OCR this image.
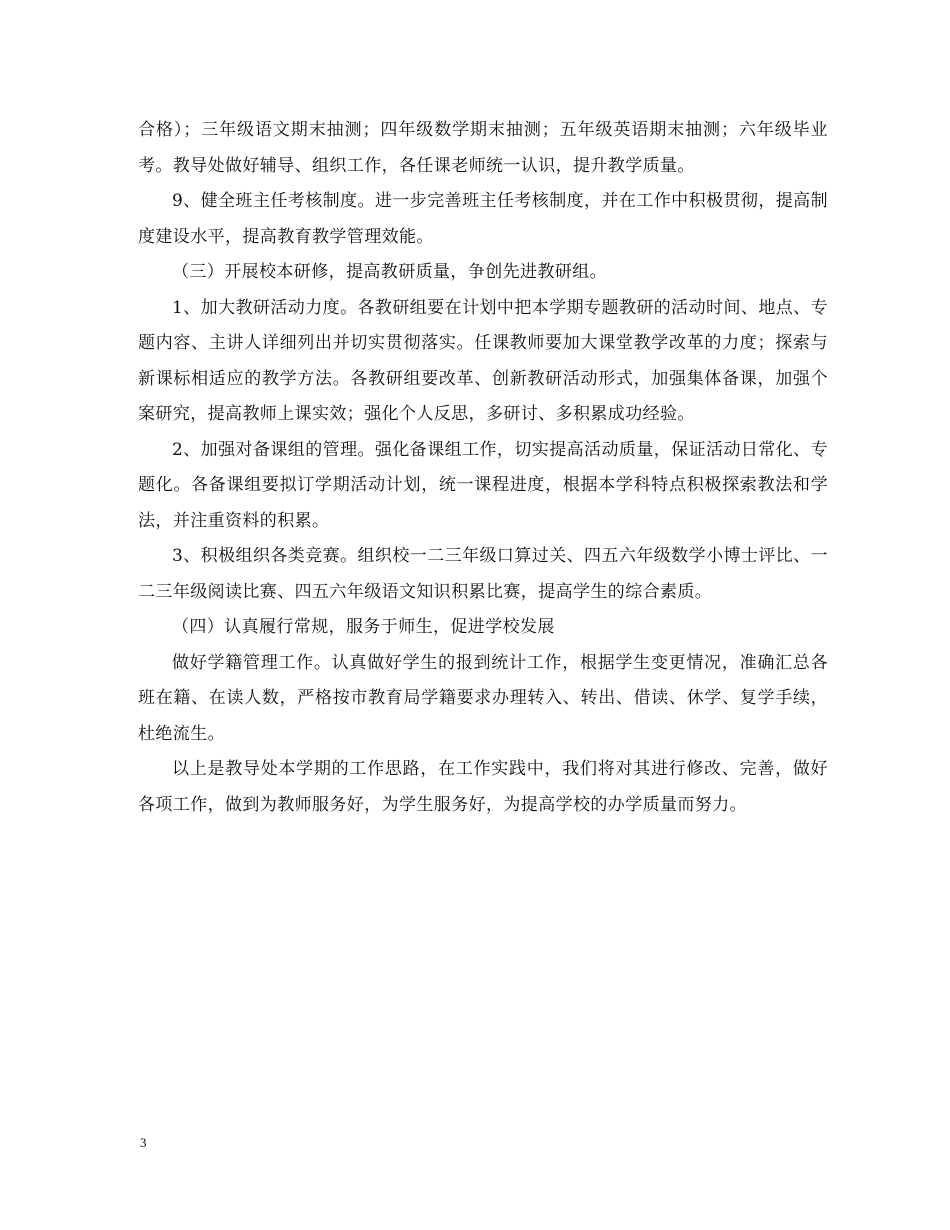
合格）；三年级语文期末抽测；四年级数学期末抽测；五年级英语期末抽测；六年级毕业考。教导处做好辅导、组织工作，各任课老师统一认识，提升教学质量。

9、健全班主任考核制度。进一步完善班主任考核制度，并在工作中积极贯彻，提高制度建设水平，提高教育教学管理效能。

（三）开展校本研修，提高教研质量，争创先进教研组。

1、加大教研活动力度。各教研组要在计划中把本学期专题教研的活动时间、地点、专题内容、主讲人详细列出并切实贯彻落实。任课教师要加大课堂教学改革的力度；探索与新课标相适应的教学方法。各教研组要改革、创新教研活动形式，加强集体备课，加强个案研究，提高教师上课实效；强化个人反思，多研讨、多积累成功经验。

2、加强对备课组的管理。强化备课组工作，切实提高活动质量，保证活动日常化、专题化。各备课组要拟订学期活动计划，统一课程进度，根据本学科特点积极探索教法和学法，并注重资料的积累。

3、积极组织各类竞赛。组织校一二三年级口算过关、四五六年级数学小博士评比、一二三年级阅读比赛、四五六年级语文知识积累比赛，提高学生的综合素质。

（四）认真履行常规，服务于师生，促进学校发展

做好学籍管理工作。认真做好学生的报到统计工作，根据学生变更情况，准确汇总各班在籍、在读人数，严格按市教育局学籍要求办理转入、转出、借读、休学、复学手续，杜绝流生。

以上是教导处本学期的工作思路，在工作实践中，我们将对其进行修改、完善，做好各项工作，做到为教师服务好，为学生服务好，为提高学校的办学质量而努力。

3
